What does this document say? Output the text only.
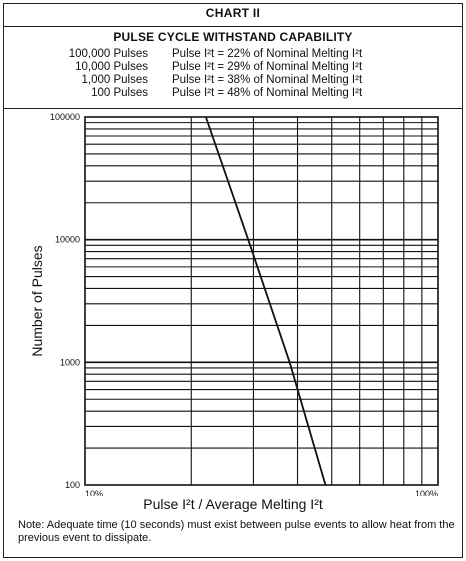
CHART II
PULSE CYCLE WITHSTAND CAPABILITY
100,000 Pulses Pulse I²t = 22% of Nominal Melting I²t
10,000 Pulses Pulse I²t = 29% of Nominal Melting I²t
1,000 Pulses Pulse I²t = 38% of Nominal Melting I²t
100 Pulses Pulse I²t = 48% of Nominal Melting I²t
100000
10000
1000
100
10%	100%
Number of Pulses
Pulse I²t / Average Melting I²t
Note: Adequate time (10 seconds) must exist between pulse events to allow heat from the previous event to dissipate.
